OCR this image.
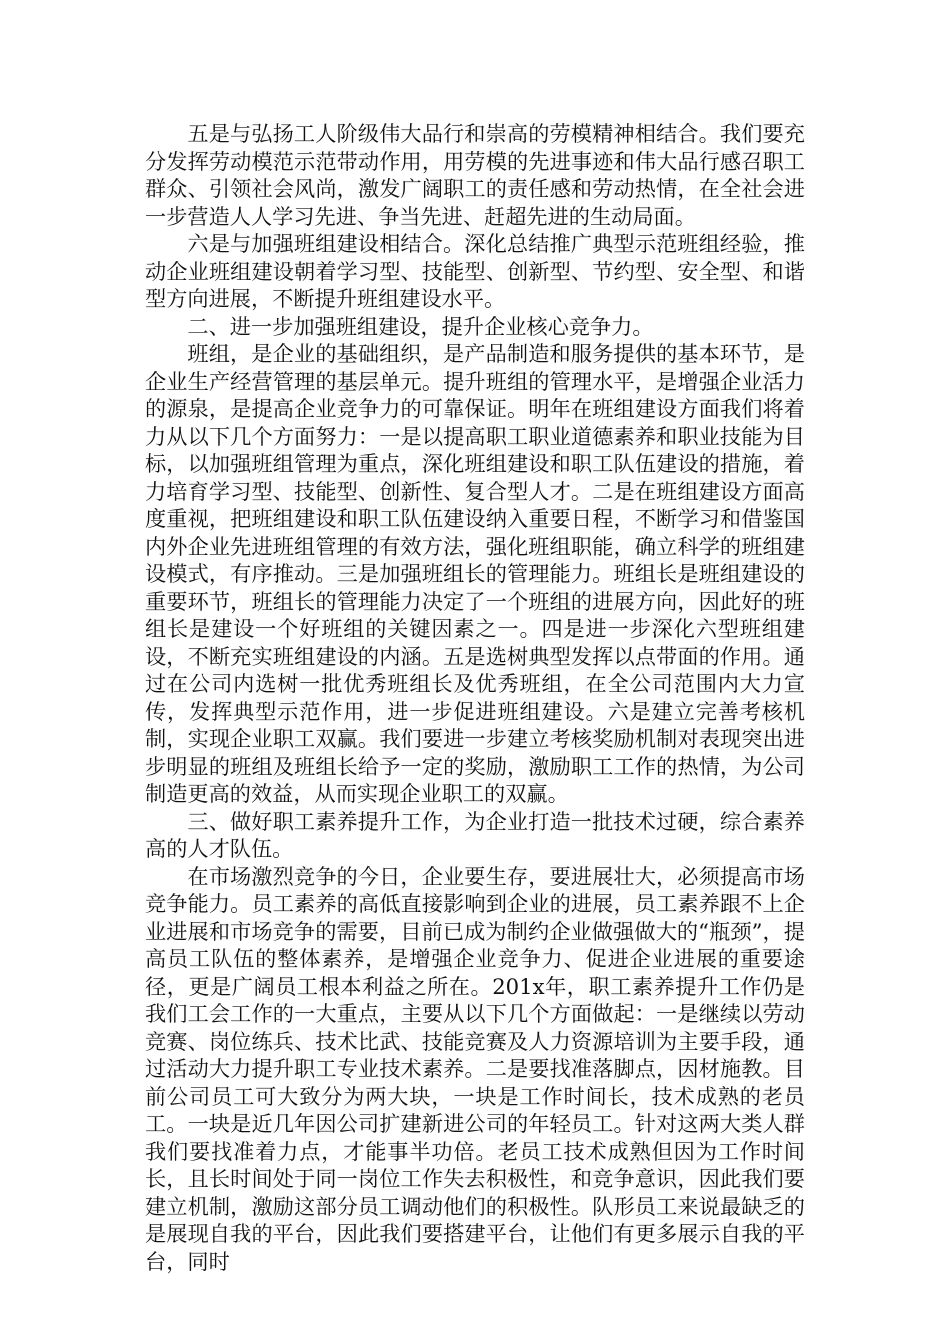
五是与弘扬工人阶级伟大品行和崇高的劳模精神相结合。我们要充分发挥劳动模范示范带动作用，用劳模的先进事迹和伟大品行感召职工群众、引领社会风尚，激发广阔职工的责任感和劳动热情，在全社会进一步营造人人学习先进、争当先进、赶超先进的生动局面。

六是与加强班组建设相结合。深化总结推广典型示范班组经验，推动企业班组建设朝着学习型、技能型、创新型、节约型、安全型、和谐型方向进展，不断提升班组建设水平。

二、进一步加强班组建设，提升企业核心竞争力。

班组，是企业的基础组织，是产品制造和服务提供的基本环节，是企业生产经营管理的基层单元。提升班组的管理水平，是增强企业活力的源泉，是提高企业竞争力的可靠保证。明年在班组建设方面我们将着力从以下几个方面努力：一是以提高职工职业道德素养和职业技能为目标，以加强班组管理为重点，深化班组建设和职工队伍建设的措施，着力培育学习型、技能型、创新性、复合型人才。二是在班组建设方面高度重视，把班组建设和职工队伍建设纳入重要日程，不断学习和借鉴国内外企业先进班组管理的有效方法，强化班组职能，确立科学的班组建设模式，有序推动。三是加强班组长的管理能力。班组长是班组建设的重要环节，班组长的管理能力决定了一个班组的进展方向，因此好的班组长是建设一个好班组的关键因素之一。四是进一步深化六型班组建设，不断充实班组建设的内涵。五是选树典型发挥以点带面的作用。通过在公司内选树一批优秀班组长及优秀班组，在全公司范围内大力宣传，发挥典型示范作用，进一步促进班组建设。六是建立完善考核机制，实现企业职工双赢。我们要进一步建立考核奖励机制对表现突出进步明显的班组及班组长给予一定的奖励，激励职工工作的热情，为公司制造更高的效益，从而实现企业职工的双赢。

三、做好职工素养提升工作，为企业打造一批技术过硬，综合素养高的人才队伍。

在市场激烈竞争的今日，企业要生存，要进展壮大，必须提高市场竞争能力。员工素养的高低直接影响到企业的进展，员工素养跟不上企业进展和市场竞争的需要，目前已成为制约企业做强做大的“瓶颈”，提高员工队伍的整体素养，是增强企业竞争力、促进企业进展的重要途径，更是广阔员工根本利益之所在。201x年，职工素养提升工作仍是我们工会工作的一大重点，主要从以下几个方面做起：一是继续以劳动竞赛、岗位练兵、技术比武、技能竞赛及人力资源培训为主要手段，通过活动大力提升职工专业技术素养。二是要找准落脚点，因材施教。目前公司员工可大致分为两大块，一块是工作时间长，技术成熟的老员工。一块是近几年因公司扩建新进公司的年轻员工。针对这两大类人群我们要找准着力点，才能事半功倍。老员工技术成熟但因为工作时间长，且长时间处于同一岗位工作失去积极性，和竞争意识，因此我们要建立机制，激励这部分员工调动他们的积极性。队形员工来说最缺乏的是展现自我的平台，因此我们要搭建平台，让他们有更多展示自我的平台，同时
